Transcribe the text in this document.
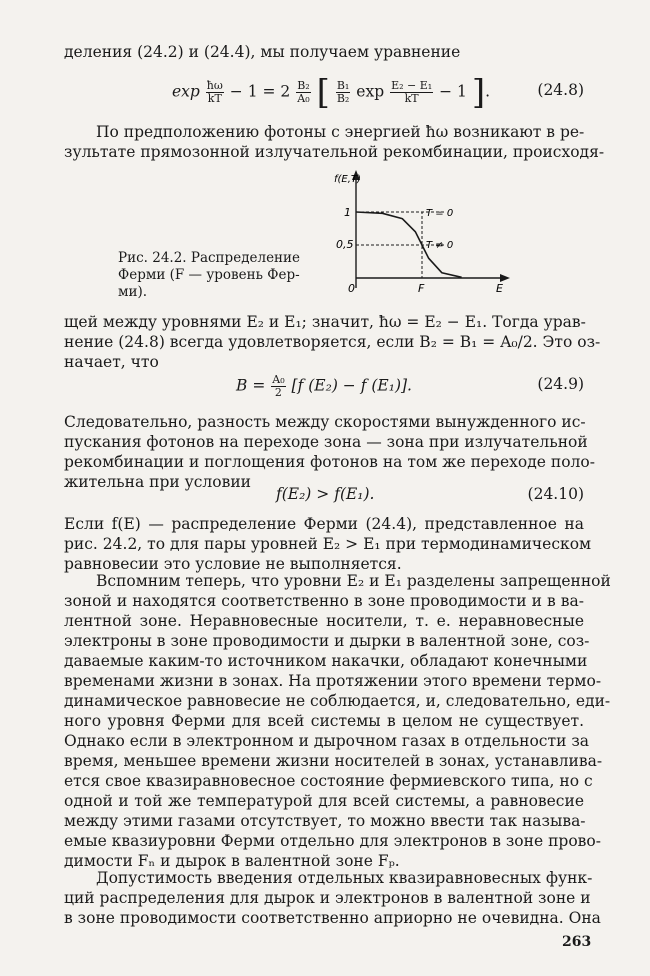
деления (24.2) и (24.4), мы получаем уравнение
$\exp \frac{ħ\omega}{kT} - 1 = 2 \frac{\text{B₂}}{\text{A₀}}$ [ $\frac{\text{B₁}}{\text{B₂}}$ $\exp \frac{\text{E₂ − E₁}}{kT} - 1$ ].	(24.8)
По предположению фотоны с энергией ħω возникают в ре-
зультате прямозонной излучательной рекомбинации, происходя-
f(E,T)
E
1
0,5
0	F
T = 0
T ≠ 0
Рис. 24.2. Распределение
Ферми (F — уровень Фер-
ми).
щей между уровнями E₂ и E₁; значит, ħω = E₂ − E₁. Тогда урав-
нение (24.8) всегда удовлетворяется, если B₂ = B₁ = A₀/2. Это оз-
начает, что
$B = \frac{\text{A₀}}{2} [f$ (E₂) − f (E₁)].	(24.9)
Следовательно, разность между скоростями вынужденного ис-
пускания фотонов на переходе зона — зона при излучательной
рекомбинации и поглощения фотонов на том же переходе поло-
жительна при условии
f(E₂) > f(E₁).	(24.10)
Если f(E) — распределение Ферми (24.4), представленное на
рис. 24.2, то для пары уровней E₂ > E₁ при термодинамическом
равновесии это условие не выполняется.
Вспомним теперь, что уровни E₂ и E₁ разделены запрещенной
зоной и находятся соответственно в зоне проводимости и в ва-
лентной зоне. Неравновесные носители, т. е. неравновесные
электроны в зоне проводимости и дырки в валентной зоне, соз-
даваемые каким-то источником накачки, обладают конечными
временами жизни в зонах. На протяжении этого времени термо-
динамическое равновесие не соблюдается, и, следовательно, еди-
ного уровня Ферми для всей системы в целом не существует.
Однако если в электронном и дырочном газах в отдельности за
время, меньшее времени жизни носителей в зонах, устанавлива-
ется свое квазиравновесное состояние фермиевского типа, но с
одной и той же температурой для всей системы, а равновесие
между этими газами отсутствует, то можно ввести так называ-
емые квазиуровни Ферми отдельно для электронов в зоне прово-
димости Fₙ и дырок в валентной зоне Fₚ.
Допустимость введения отдельных квазиравновесных функ-
ций распределения для дырок и электронов в валентной зоне и
в зоне проводимости соответственно априорно не очевидна. Она
263
